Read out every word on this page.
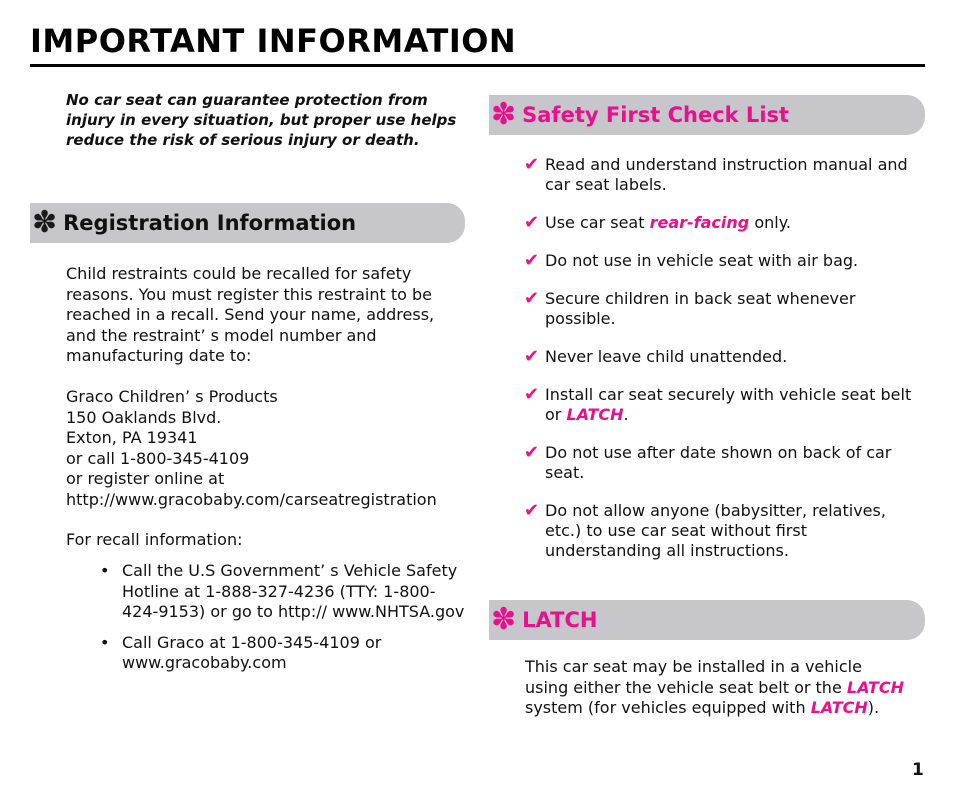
IMPORTANT INFORMATION

No car seat can guarantee protection from injury in every situation, but proper use helps reduce the risk of serious injury or death.

✽ Registration Information

Child restraints could be recalled for safety reasons. You must register this restraint to be reached in a recall. Send your name, address, and the restraint’ s model number and manufacturing date to:

Graco Children’ s Products
150 Oaklands Blvd.
Exton, PA 19341
or call 1-800-345-4109
or register online at
http://www.gracobaby.com/carseatregistration

For recall information:

• Call the U.S Government’ s Vehicle Safety Hotline at 1-888-327-4236 (TTY: 1-800-424-9153) or go to http:// www.NHTSA.gov
• Call Graco at 1-800-345-4109 or www.gracobaby.com
✽ Safety First Check List
✔ Read and understand instruction manual and car seat labels.
✔ Use car seat rear-facing only.
✔ Do not use in vehicle seat with air bag.
✔ Secure children in back seat whenever possible.
✔ Never leave child unattended.
✔ Install car seat securely with vehicle seat belt or LATCH.
✔ Do not use after date shown on back of car seat.
✔ Do not allow anyone (babysitter, relatives, etc.) to use car seat without first understanding all instructions.
✽ LATCH

This car seat may be installed in a vehicle using either the vehicle seat belt or the LATCH system (for vehicles equipped with LATCH).

1
